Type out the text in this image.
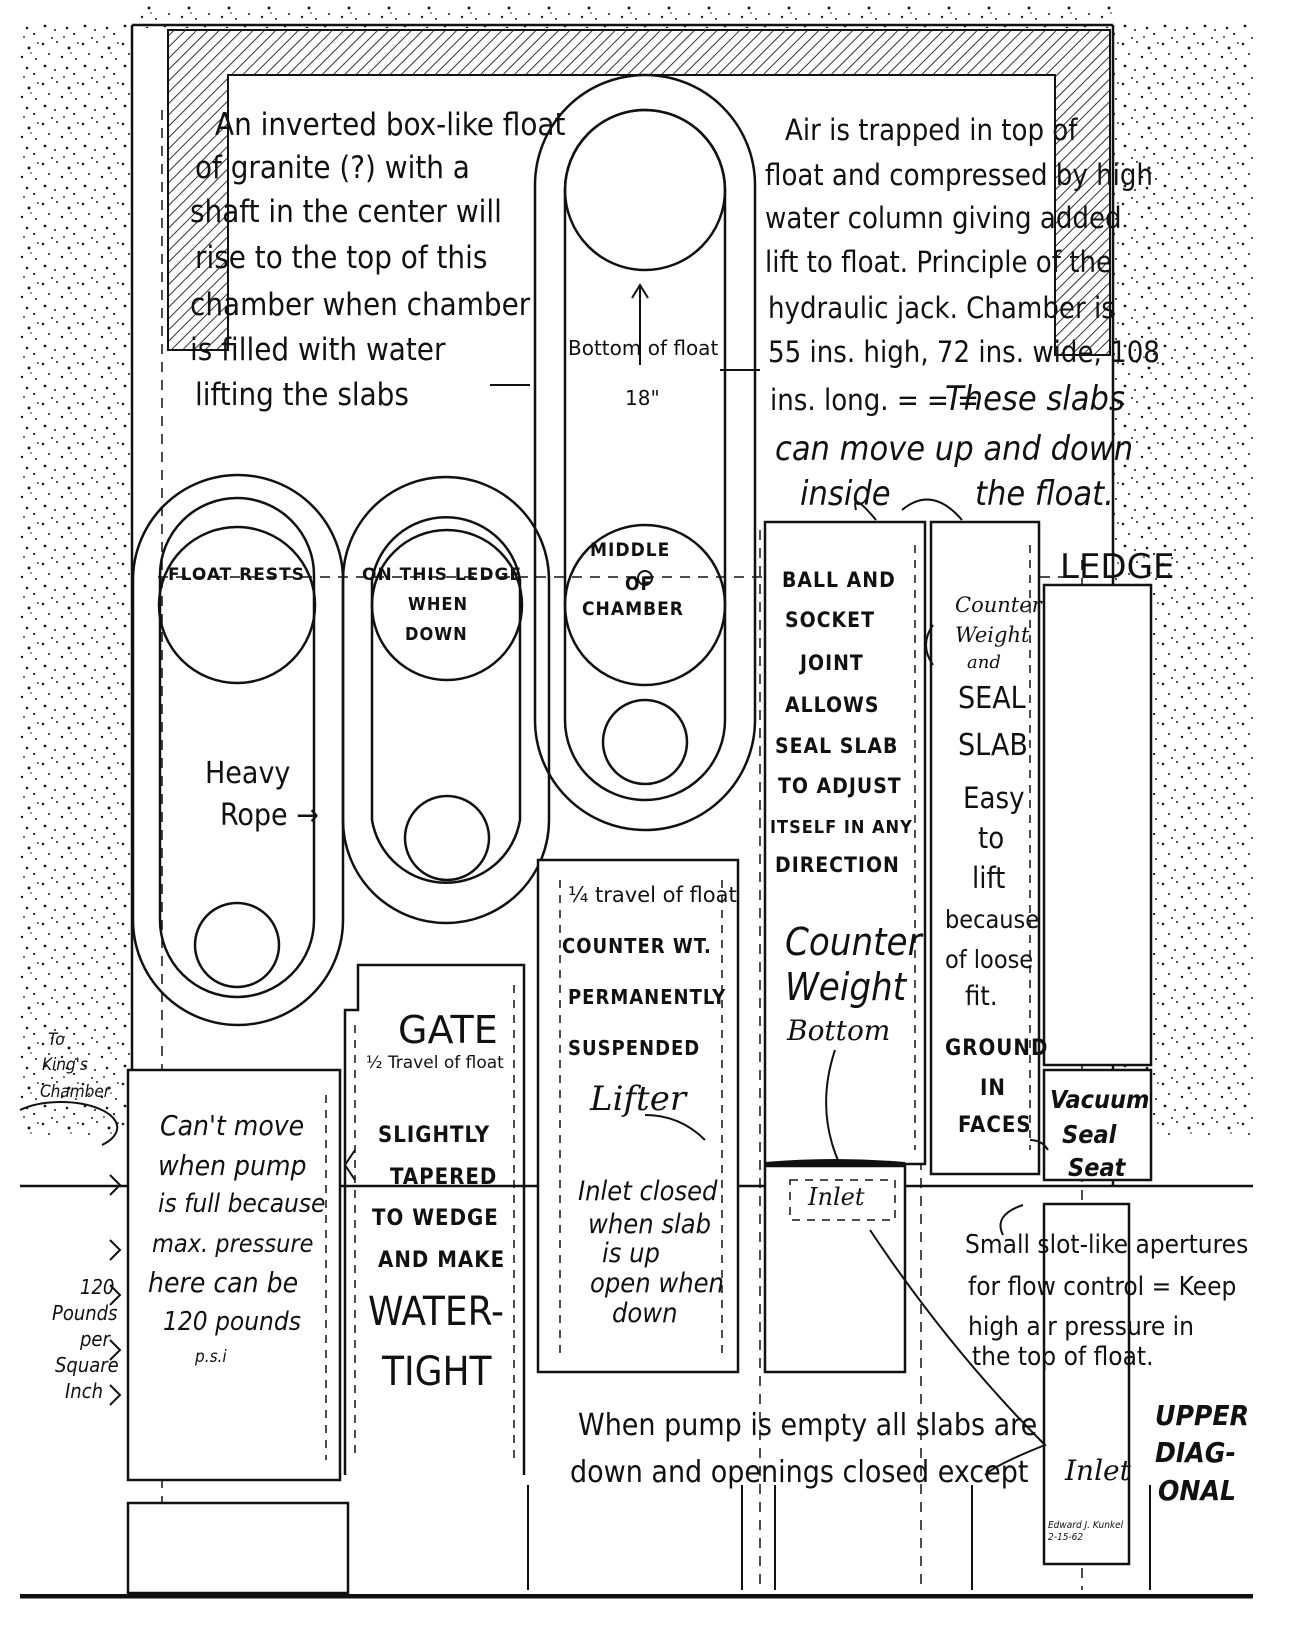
An inverted box-like float
of granite (?) with a
shaft in the center will
rise to the top of this
chamber when chamber
is filled with water
lifting the slabs
Air is trapped in top of
float and compressed by high
water column giving added
lift to float. Principle of the
hydraulic jack. Chamber is
55 ins. high, 72 ins. wide, 108
ins. long. = = =
These slabs
can move up and down
inside the float.
Bottom of float
18"
FLOAT RESTS	ON THIS LEDGE
WHEN
DOWN
MIDDLE
OF
CHAMBER
Heavy
Rope →
BALL AND
SOCKET
JOINT
ALLOWS
SEAL SLAB
TO ADJUST
ITSELF IN ANY
DIRECTION
Counter
Weight
Bottom
Counter
Weight
and
SEAL
SLAB
Easy
to
lift
because
of loose
fit.
GROUND
IN
FACES
LEDGE
Vacuum
Seal
Seat
¼ travel of float
COUNTER WT.
PERMANENTLY
SUSPENDED
Lifter
GATE
½ Travel of float
SLIGHTLY
TAPERED
TO WEDGE
AND MAKE
WATER-
TIGHT
To
King's
Chamber
Can't move
when pump
is full because
max. pressure
here can be
120 pounds
p.s.i
Inlet closed
when slab
is up
open when
down
Inlet
Small slot-like apertures
for flow control = Keep
high air pressure in
the top of float.
120
Pounds
per
Square
Inch
When pump is empty all slabs are
down and openings closed except Inlet
UPPER
DIAG-
ONAL
Edward J. Kunkel
2-15-62
